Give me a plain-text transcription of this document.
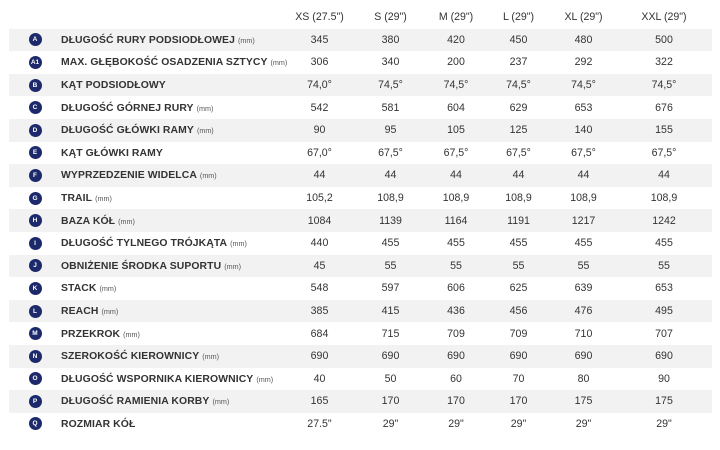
		XS (27.5")	S (29")	M (29")	L (29")	XL (29")	XXL (29")
A	DŁUGOŚĆ RURY PODSIODŁOWEJ (mm)	345	380	420	450	480	500
A1	MAX. GŁĘBOKOŚĆ OSADZENIA SZTYCY (mm)	306	340	200	237	292	322
B	KĄT PODSIODŁOWY	74,0°	74,5°	74,5°	74,5°	74,5°	74,5°
C	DŁUGOŚĆ GÓRNEJ RURY (mm)	542	581	604	629	653	676
D	DŁUGOŚĆ GŁÓWKI RAMY (mm)	90	95	105	125	140	155
E	KĄT GŁÓWKI RAMY	67,0°	67,5°	67,5°	67,5°	67,5°	67,5°
F	WYPRZEDZENIE WIDELCA (mm)	44	44	44	44	44	44
G	TRAIL (mm)	105,2	108,9	108,9	108,9	108,9	108,9
H	BAZA KÓŁ (mm)	1084	1139	1164	1191	1217	1242
I	DŁUGOŚĆ TYLNEGO TRÓJKĄTA (mm)	440	455	455	455	455	455
J	OBNIŻENIE ŚRODKA SUPORTU (mm)	45	55	55	55	55	55
K	STACK (mm)	548	597	606	625	639	653
L	REACH (mm)	385	415	436	456	476	495
M	PRZEKROK (mm)	684	715	709	709	710	707
N	SZEROKOŚĆ KIEROWNICY (mm)	690	690	690	690	690	690
O	DŁUGOŚĆ WSPORNIKA KIEROWNICY (mm)	40	50	60	70	80	90
P	DŁUGOŚĆ RAMIENIA KORBY (mm)	165	170	170	170	175	175
Q	ROZMIAR KÓŁ	27.5"	29"	29"	29"	29"	29"
